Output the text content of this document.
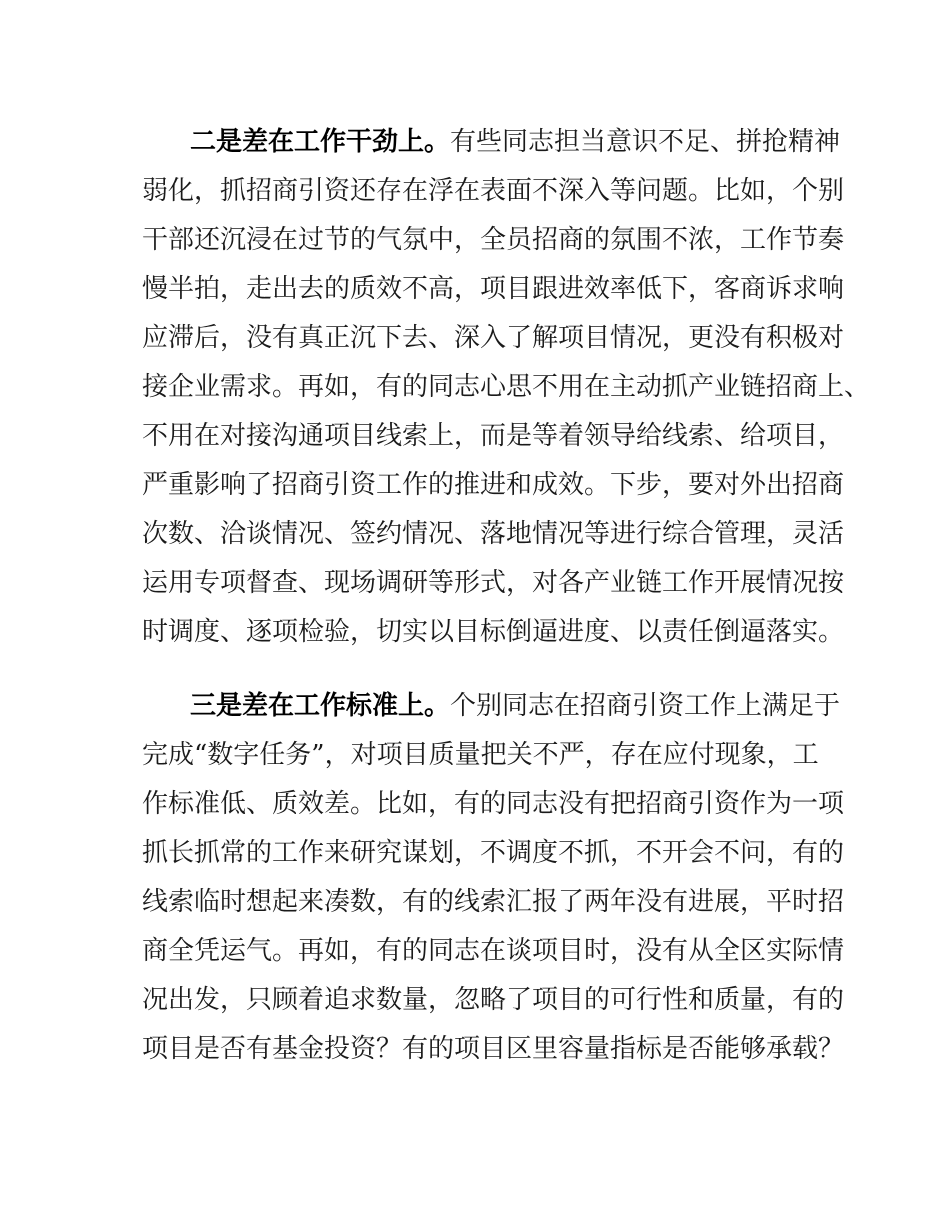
二是差在工作干劲上。有些同志担当意识不足、拼抢精神
弱化，抓招商引资还存在浮在表面不深入等问题。比如，个别
干部还沉浸在过节的气氛中，全员招商的氛围不浓，工作节奏
慢半拍，走出去的质效不高，项目跟进效率低下，客商诉求响
应滞后，没有真正沉下去、深入了解项目情况，更没有积极对
接企业需求。再如，有的同志心思不用在主动抓产业链招商上、
不用在对接沟通项目线索上，而是等着领导给线索、给项目，
严重影响了招商引资工作的推进和成效。下步，要对外出招商
次数、洽谈情况、签约情况、落地情况等进行综合管理，灵活
运用专项督查、现场调研等形式，对各产业链工作开展情况按
时调度、逐项检验，切实以目标倒逼进度、以责任倒逼落实。

三是差在工作标准上。个别同志在招商引资工作上满足于
完成“数字任务”，对项目质量把关不严，存在应付现象，工
作标准低、质效差。比如，有的同志没有把招商引资作为一项
抓长抓常的工作来研究谋划，不调度不抓，不开会不问，有的
线索临时想起来凑数，有的线索汇报了两年没有进展，平时招
商全凭运气。再如，有的同志在谈项目时，没有从全区实际情
况出发，只顾着追求数量，忽略了项目的可行性和质量，有的
项目是否有基金投资？有的项目区里容量指标是否能够承载？
